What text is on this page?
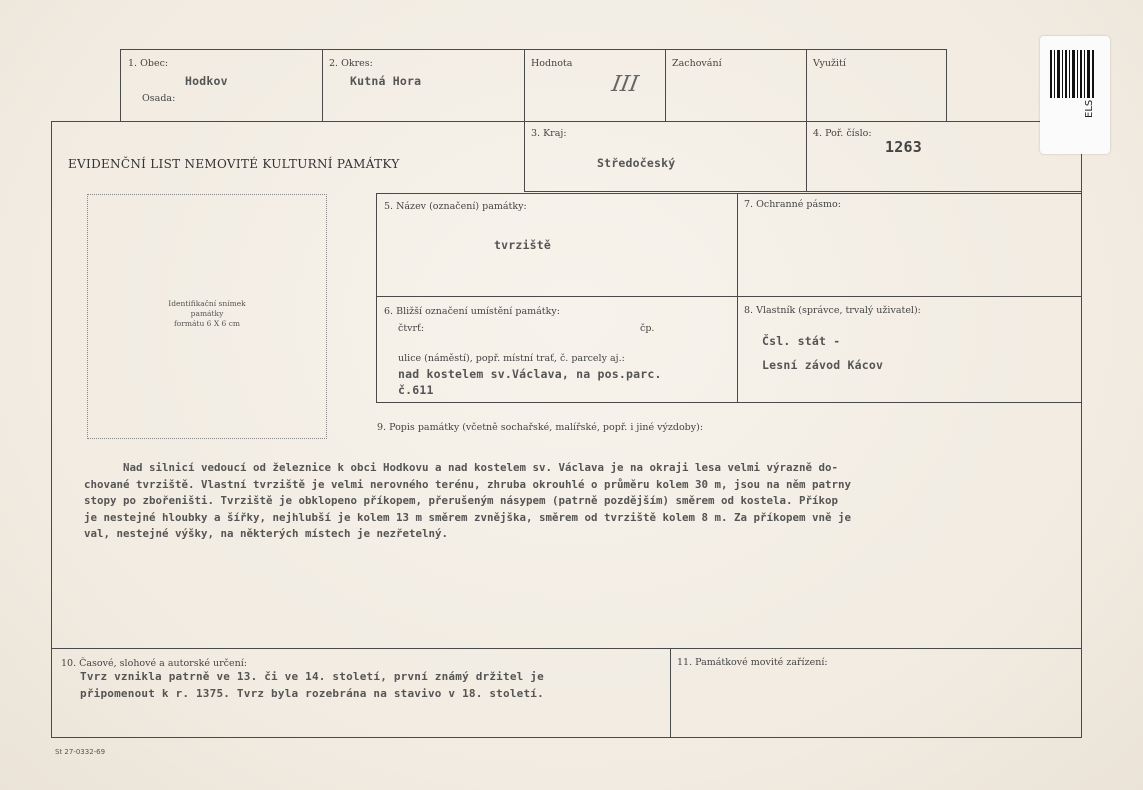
1. Obec:
Hodkov
Osada:
2. Okres:
Kutná Hora
Hodnota
III
Zachování	Využití
EVIDENČNÍ LIST NEMOVITÉ KULTURNÍ PAMÁTKY
3. Kraj:
Středočeský
4. Poř. číslo:
1263
Identifikační snímek
památky
formátu 6 X 6 cm
5. Název (označení) památky:
tvrziště
7. Ochranné pásmo:
6. Bližší označení umístění památky:
čtvrť:	čp.
ulice (náměstí), popř. místní trať, č. parcely aj.:
nad kostelem sv.Václava, na pos.parc.
č.611
8. Vlastník (správce, trvalý uživatel):
Čsl. stát -
Lesní závod Kácov
9. Popis památky (včetně sochařské, malířské, popř. i jiné výzdoby):
Nad silnicí vedoucí od železnice k obci Hodkovu a nad kostelem sv. Václava je na okraji lesa velmi výrazně do-
chované tvrziště. Vlastní tvrziště je velmi nerovného terénu, zhruba okrouhlé o průměru kolem 30 m, jsou na něm patrny
stopy po zbořeništi. Tvrziště je obklopeno příkopem, přerušeným násypem (patrně pozdějším) směrem od kostela. Příkop
je nestejné hloubky a šířky, nejhlubší je kolem 13 m směrem zvnějška, směrem od tvrziště kolem 8 m. Za příkopem vně je
val, nestejné výšky, na některých místech je nezřetelný.
10. Časové, slohové a autorské určení:
Tvrz vznikla patrně ve 13. či ve 14. století, první známý držitel je
připomenout k r. 1375. Tvrz byla rozebrána na stavivo v 18. století.
11. Památkové movité zařízení:
St 27-0332-69
ELS
